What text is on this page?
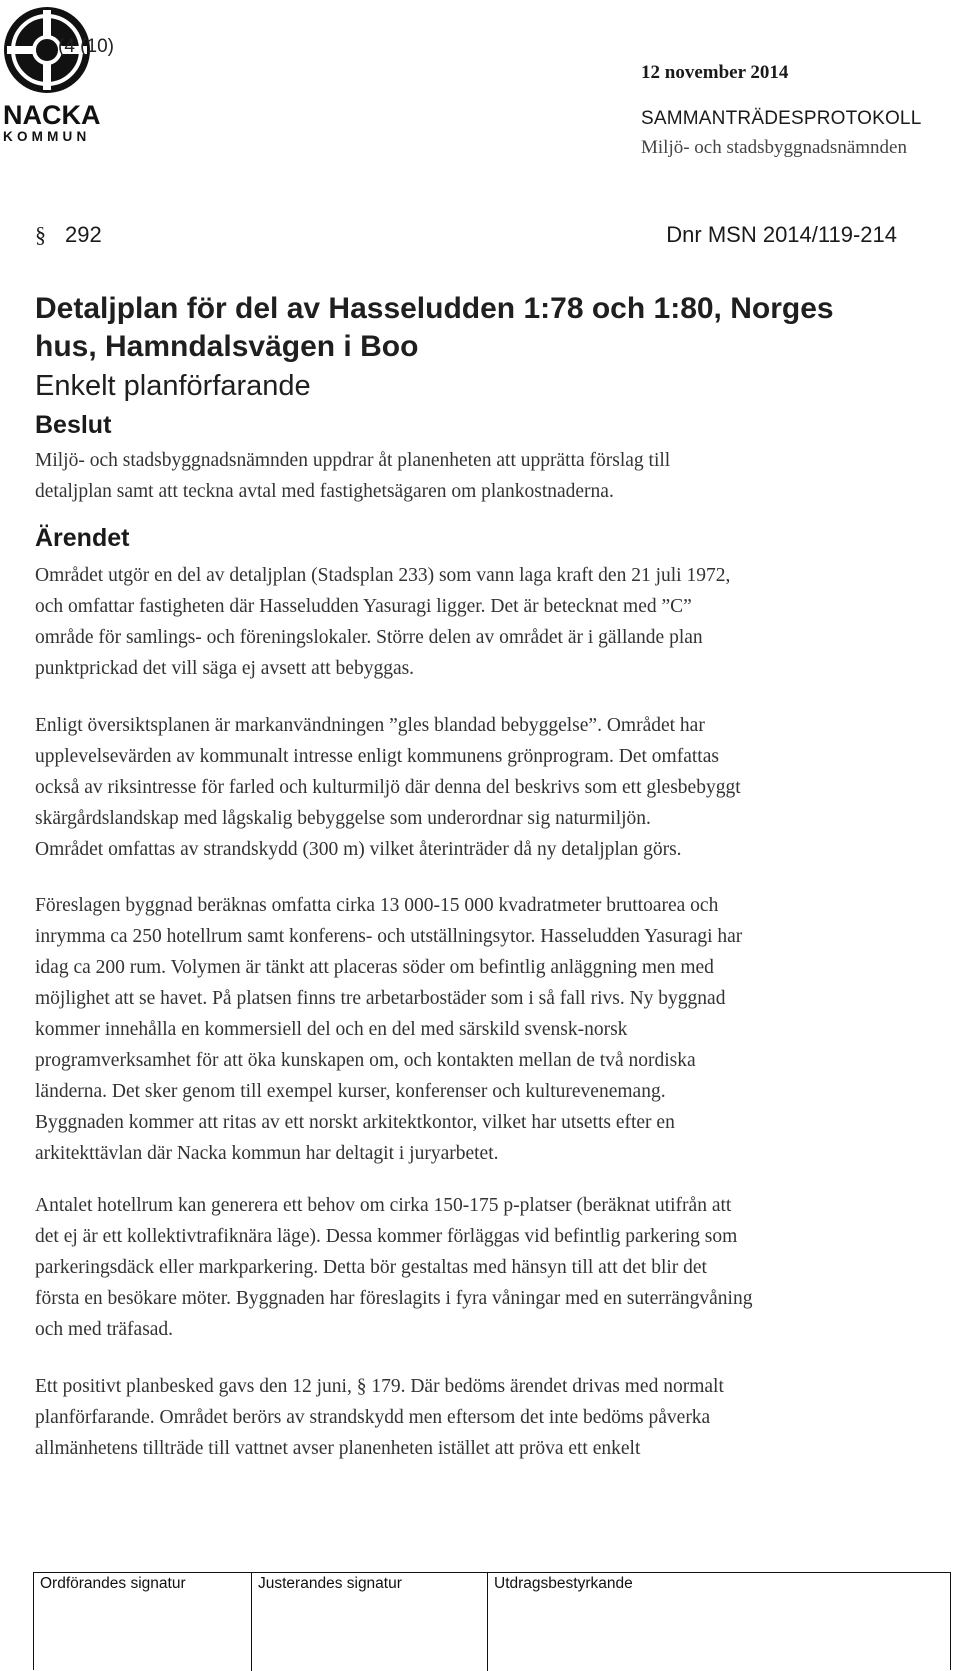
NACKA
KOMMUN
(4 (10)
12 november 2014
SAMMANTRÄDESPROTOKOLL
Miljö- och stadsbyggnadsnämnden
§ 292	Dnr MSN 2014/119-214
Detaljplan för del av Hasseludden 1:78 och 1:80, Norges
hus, Hamndalsvägen i Boo
Enkelt planförfarande
Beslut
Miljö- och stadsbyggnadsnämnden uppdrar åt planenheten att upprätta förslag till
detaljplan samt att teckna avtal med fastighetsägaren om plankostnaderna.
Ärendet
Området utgör en del av detaljplan (Stadsplan 233) som vann laga kraft den 21 juli 1972,
och omfattar fastigheten där Hasseludden Yasuragi ligger. Det är betecknat med ”C”
område för samlings- och föreningslokaler. Större delen av området är i gällande plan
punktprickad det vill säga ej avsett att bebyggas.
Enligt översiktsplanen är markanvändningen ”gles blandad bebyggelse”. Området har
upplevelsevärden av kommunalt intresse enligt kommunens grönprogram. Det omfattas
också av riksintresse för farled och kulturmiljö där denna del beskrivs som ett glesbebyggt
skärgårdslandskap med lågskalig bebyggelse som underordnar sig naturmiljön.
Området omfattas av strandskydd (300 m) vilket återinträder då ny detaljplan görs.
Föreslagen byggnad beräknas omfatta cirka 13 000-15 000 kvadratmeter bruttoarea och
inrymma ca 250 hotellrum samt konferens- och utställningsytor. Hasseludden Yasuragi har
idag ca 200 rum. Volymen är tänkt att placeras söder om befintlig anläggning men med
möjlighet att se havet. På platsen finns tre arbetarbostäder som i så fall rivs. Ny byggnad
kommer innehålla en kommersiell del och en del med särskild svensk-norsk
programverksamhet för att öka kunskapen om, och kontakten mellan de två nordiska
länderna. Det sker genom till exempel kurser, konferenser och kulturevenemang.
Byggnaden kommer att ritas av ett norskt arkitektkontor, vilket har utsetts efter en
arkitekttävlan där Nacka kommun har deltagit i juryarbetet.
Antalet hotellrum kan generera ett behov om cirka 150-175 p-platser (beräknat utifrån att
det ej är ett kollektivtrafiknära läge). Dessa kommer förläggas vid befintlig parkering som
parkeringsdäck eller markparkering. Detta bör gestaltas med hänsyn till att det blir det
första en besökare möter. Byggnaden har föreslagits i fyra våningar med en suterrängvåning
och med träfasad.
Ett positivt planbesked gavs den 12 juni, § 179. Där bedöms ärendet drivas med normalt
planförfarande. Området berörs av strandskydd men eftersom det inte bedöms påverka
allmänhetens tillträde till vattnet avser planenheten istället att pröva ett enkelt
Ordförandes signatur	Justerandes signatur	Utdragsbestyrkande
